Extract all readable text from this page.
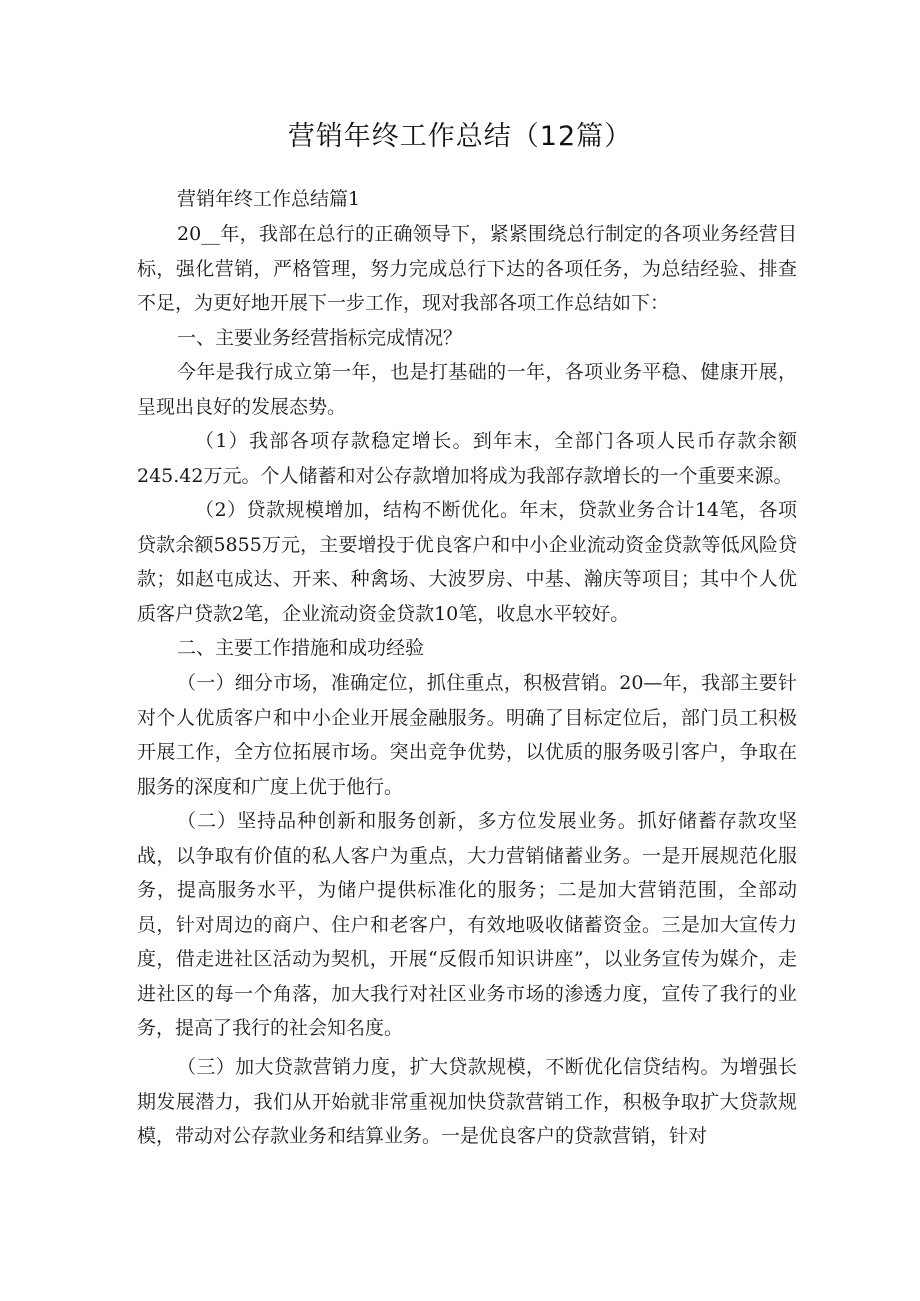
营销年终工作总结（12篇）
营销年终工作总结篇1
20__年，我部在总行的正确领导下，紧紧围绕总行制定的各项业务经营目标，强化营销，严格管理，努力完成总行下达的各项任务，为总结经验、排查不足，为更好地开展下一步工作，现对我部各项工作总结如下：
一、主要业务经营指标完成情况？
今年是我行成立第一年，也是打基础的一年，各项业务平稳、健康开展，呈现出良好的发展态势。
（1）我部各项存款稳定增长。到年末，全部门各项人民币存款余额245.42万元。个人储蓄和对公存款增加将成为我部存款增长的一个重要来源。
（2）贷款规模增加，结构不断优化。年末，贷款业务合计14笔，各项贷款余额5855万元，主要增投于优良客户和中小企业流动资金贷款等低风险贷款；如赵屯成达、开来、种禽场、大波罗房、中基、瀚庆等项目；其中个人优质客户贷款2笔，企业流动资金贷款10笔，收息水平较好。
二、主要工作措施和成功经验
（一）细分市场，准确定位，抓住重点，积极营销。20—年，我部主要针对个人优质客户和中小企业开展金融服务。明确了目标定位后，部门员工积极开展工作，全方位拓展市场。突出竞争优势，以优质的服务吸引客户，争取在服务的深度和广度上优于他行。
（二）坚持品种创新和服务创新，多方位发展业务。抓好储蓄存款攻坚战，以争取有价值的私人客户为重点，大力营销储蓄业务。一是开展规范化服务，提高服务水平，为储户提供标准化的服务；二是加大营销范围，全部动员，针对周边的商户、住户和老客户，有效地吸收储蓄资金。三是加大宣传力度，借走进社区活动为契机，开展“反假币知识讲座”，以业务宣传为媒介，走进社区的每一个角落，加大我行对社区业务市场的渗透力度，宣传了我行的业务，提高了我行的社会知名度。
（三）加大贷款营销力度，扩大贷款规模，不断优化信贷结构。为增强长期发展潜力，我们从开始就非常重视加快贷款营销工作，积极争取扩大贷款规模，带动对公存款业务和结算业务。一是优良客户的贷款营销，针对
